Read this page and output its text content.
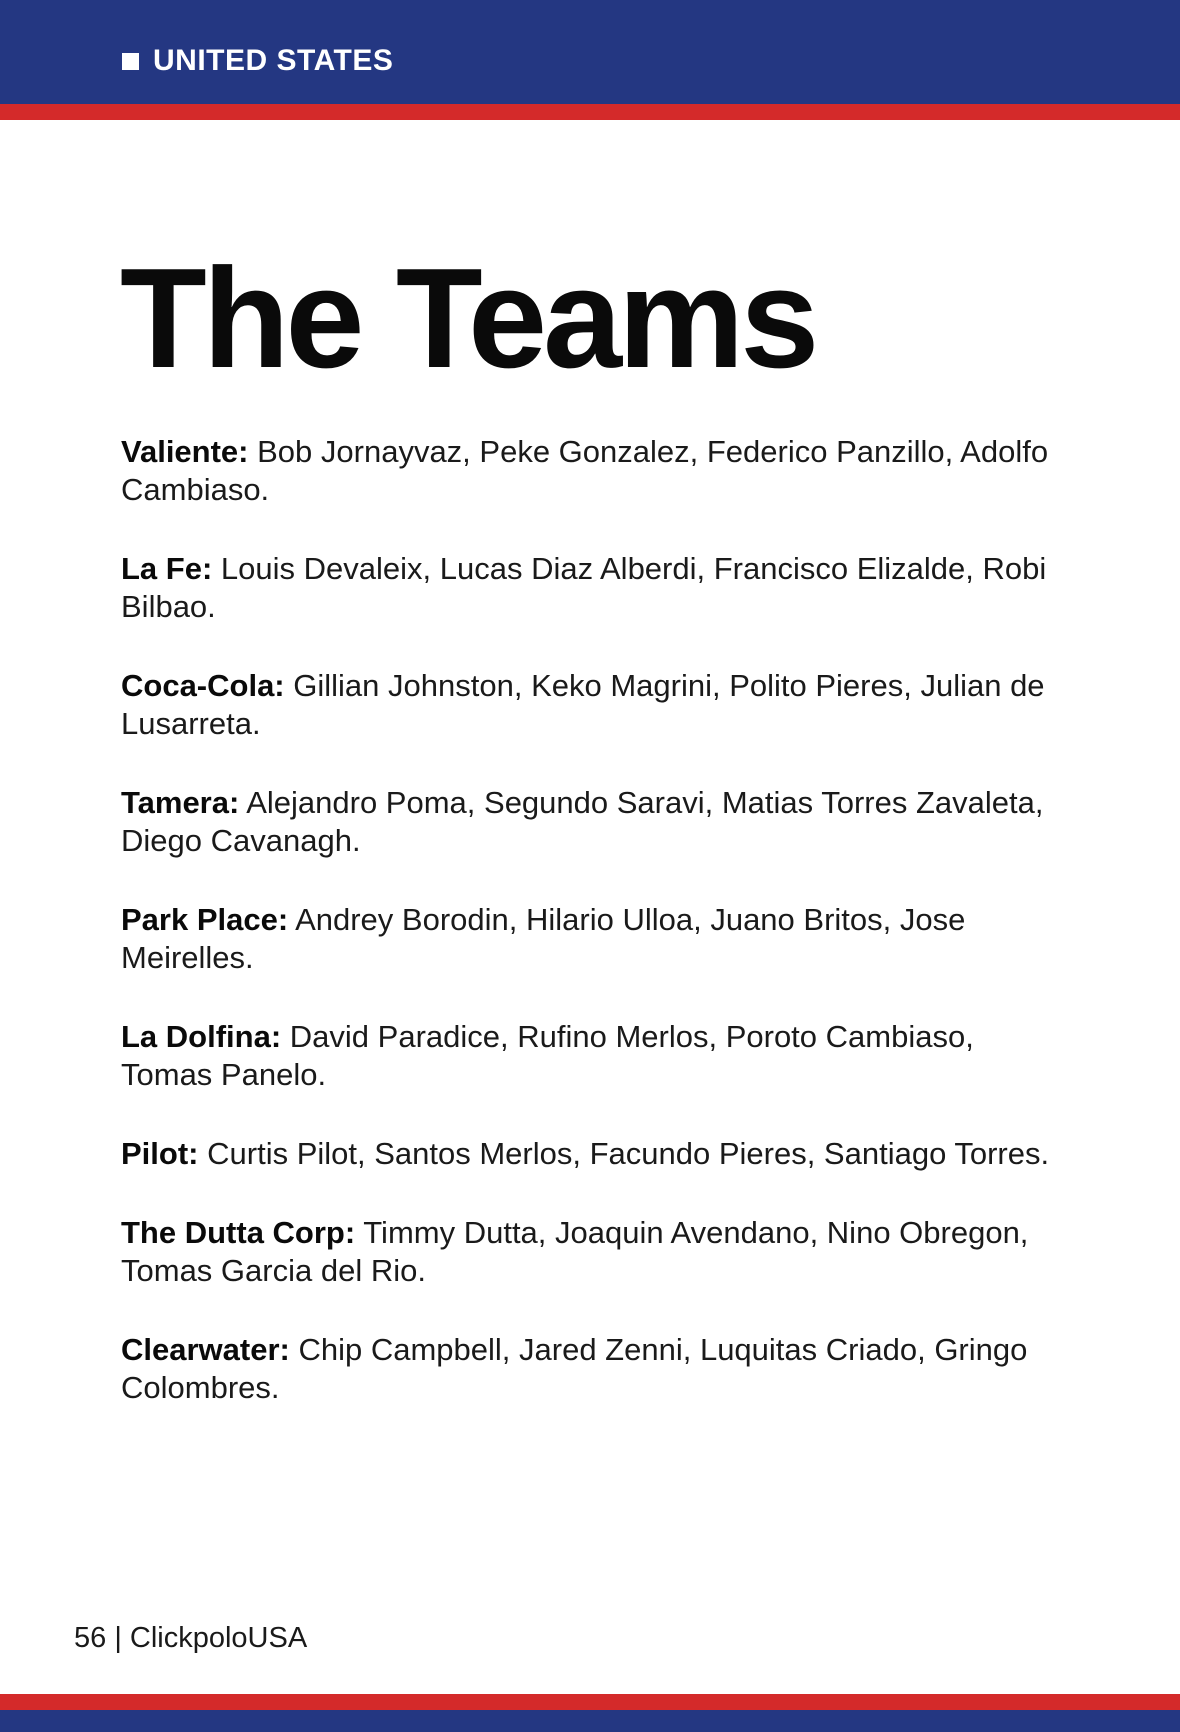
UNITED STATES
The Teams
Valiente: Bob Jornayvaz, Peke Gonzalez, Federico Panzillo, Adolfo Cambiaso.
La Fe: Louis Devaleix, Lucas Diaz Alberdi, Francisco Elizalde, Robi Bilbao.
Coca-Cola: Gillian Johnston, Keko Magrini, Polito Pieres, Julian de Lusarreta.
Tamera: Alejandro Poma, Segundo Saravi, Matias Torres Zavaleta, Diego Cavanagh.
Park Place: Andrey Borodin, Hilario Ulloa, Juano Britos, Jose Meirelles.
La Dolfina: David Paradice, Rufino Merlos, Poroto Cambiaso, Tomas Panelo.
Pilot: Curtis Pilot, Santos Merlos, Facundo Pieres, Santiago Torres.
The Dutta Corp: Timmy Dutta, Joaquin Avendano, Nino Obregon, Tomas Garcia del Rio.
Clearwater: Chip Campbell, Jared Zenni, Luquitas Criado, Gringo Colombres.
56 | ClickpoloUSA
